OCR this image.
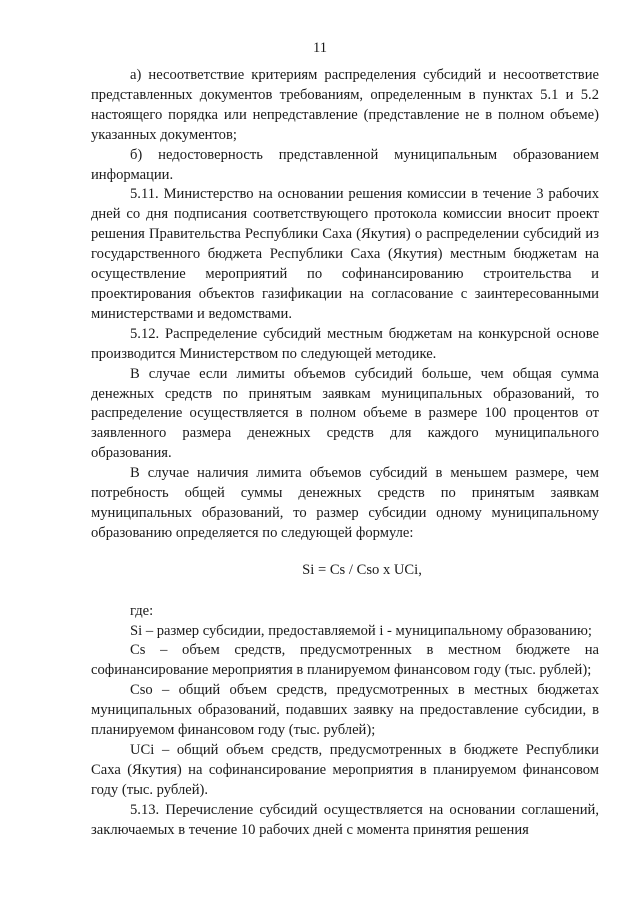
11

а) несоответствие критериям распределения субсидий и несоответствие представленных документов требованиям, определенным в пунктах 5.1 и 5.2 настоящего порядка или непредставление (представление не в полном объеме) указанных документов;

б) недостоверность представленной муниципальным образованием информации.

5.11. Министерство на основании решения комиссии в течение 3 рабочих дней со дня подписания соответствующего протокола комиссии вносит проект решения Правительства Республики Саха (Якутия) о распределении субсидий из государственного бюджета Республики Саха (Якутия) местным бюджетам на осуществление мероприятий по софинансированию строительства и проектирования объектов газификации на согласование с заинтересованными министерствами и ведомствами.

5.12. Распределение субсидий местным бюджетам на конкурсной основе производится Министерством по следующей методике.

В случае если лимиты объемов субсидий больше, чем общая сумма денежных средств по принятым заявкам муниципальных образований, то распределение осуществляется в полном объеме в размере 100 процентов от заявленного размера денежных средств для каждого муниципального образования.

В случае наличия лимита объемов субсидий в меньшем размере, чем потребность общей суммы денежных средств по принятым заявкам муниципальных образований, то размер субсидии одному муниципальному образованию определяется по следующей формуле:

Si = Cs / Cso x UCi,

где:

Si – размер субсидии, предоставляемой i - муниципальному образованию;

Cs – объем средств, предусмотренных в местном бюджете на софинансирование мероприятия в планируемом финансовом году (тыс. рублей);

Cso – общий объем средств, предусмотренных в местных бюджетах муниципальных образований, подавших заявку на предоставление субсидии, в планируемом финансовом году (тыс. рублей);

UCi – общий объем средств, предусмотренных в бюджете Республики Саха (Якутия) на софинансирование мероприятия в планируемом финансовом году (тыс. рублей).

5.13. Перечисление субсидий осуществляется на основании соглашений, заключаемых в течение 10 рабочих дней с момента принятия решения
